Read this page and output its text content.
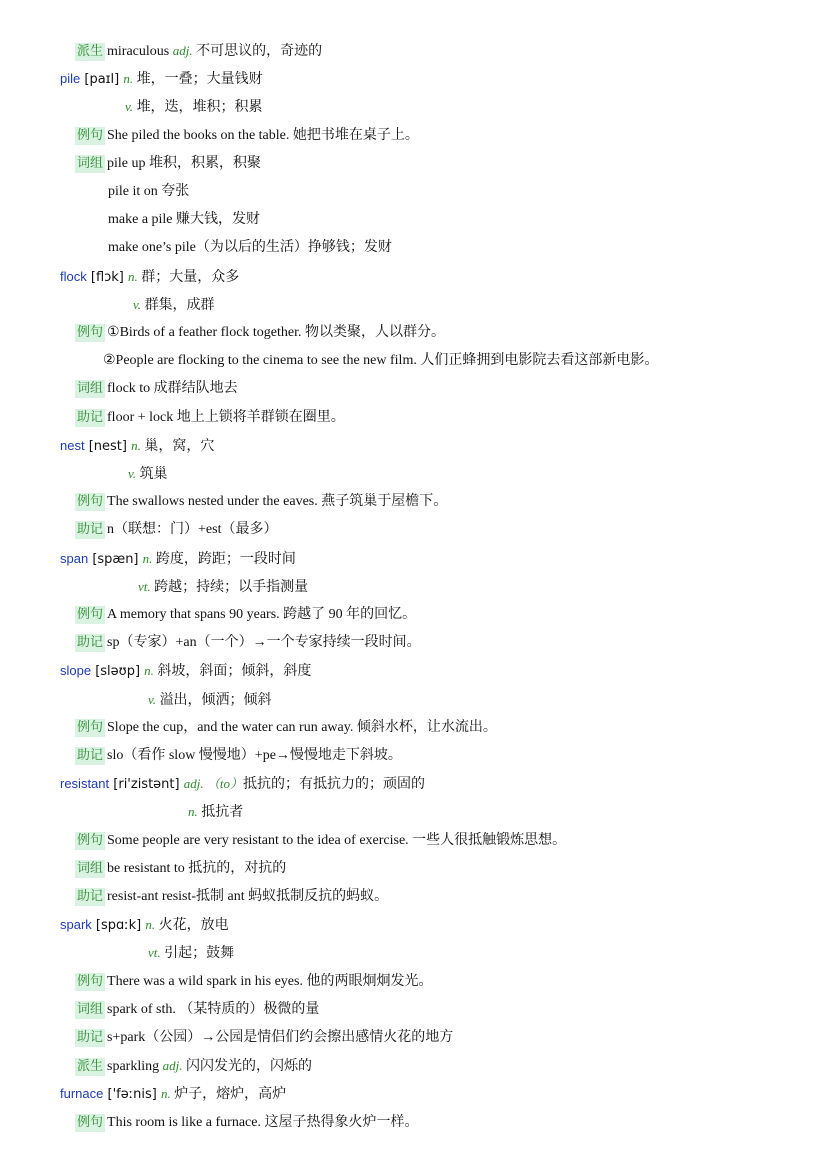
派生 miraculous adj. 不可思议的，奇迹的
pile [paɪl] n. 堆，一叠；大量钱财
v. 堆，迭，堆积；积累
例句 She piled the books on the table. 她把书堆在桌子上。
词组 pile up 堆积，积累，积聚
pile it on 夸张
make a pile 赚大钱，发财
make one’s pile（为以后的生活）挣够钱；发财
flock [flɔk] n. 群；大量，众多
v. 群集，成群
例句 ①Birds of a feather flock together. 物以类聚，人以群分。
②People are flocking to the cinema to see the new film. 人们正蜂拥到电影院去看这部新电影。
词组 flock to 成群结队地去
助记 floor + lock 地上上锁将羊群锁在圈里。
nest [nest] n. 巢，窝，穴
v. 筑巢
例句 The swallows nested under the eaves. 燕子筑巢于屋檐下。
助记 n（联想：门）+est（最多）
span [spæn] n. 跨度，跨距；一段时间
vt. 跨越；持续；以手指测量
例句 A memory that spans 90 years. 跨越了 90 年的回忆。
助记 sp（专家）+an（一个）→一个专家持续一段时间。
slope [sləʊp] n. 斜坡，斜面；倾斜，斜度
v. 溢出，倾洒；倾斜
例句 Slope the cup，and the water can run away. 倾斜水杯，让水流出。
助记 slo（看作 slow 慢慢地）+pe→慢慢地走下斜坡。
resistant [ri'zistənt] adj. （to）抵抗的；有抵抗力的；顽固的
n. 抵抗者
例句 Some people are very resistant to the idea of exercise. 一些人很抵触锻炼思想。
词组 be resistant to 抵抗的，对抗的
助记 resist-ant resist-抵制 ant 蚂蚁抵制反抗的蚂蚁。
spark [spɑːk] n. 火花，放电
vt. 引起；鼓舞
例句 There was a wild spark in his eyes. 他的两眼炯炯发光。
词组 spark of sth. （某特质的）极微的量
助记 s+park（公园）→公园是情侣们约会擦出感情火花的地方
派生 sparkling adj. 闪闪发光的，闪烁的
furnace ['fəːnis] n. 炉子，熔炉，高炉
例句 This room is like a furnace. 这屋子热得象火炉一样。
